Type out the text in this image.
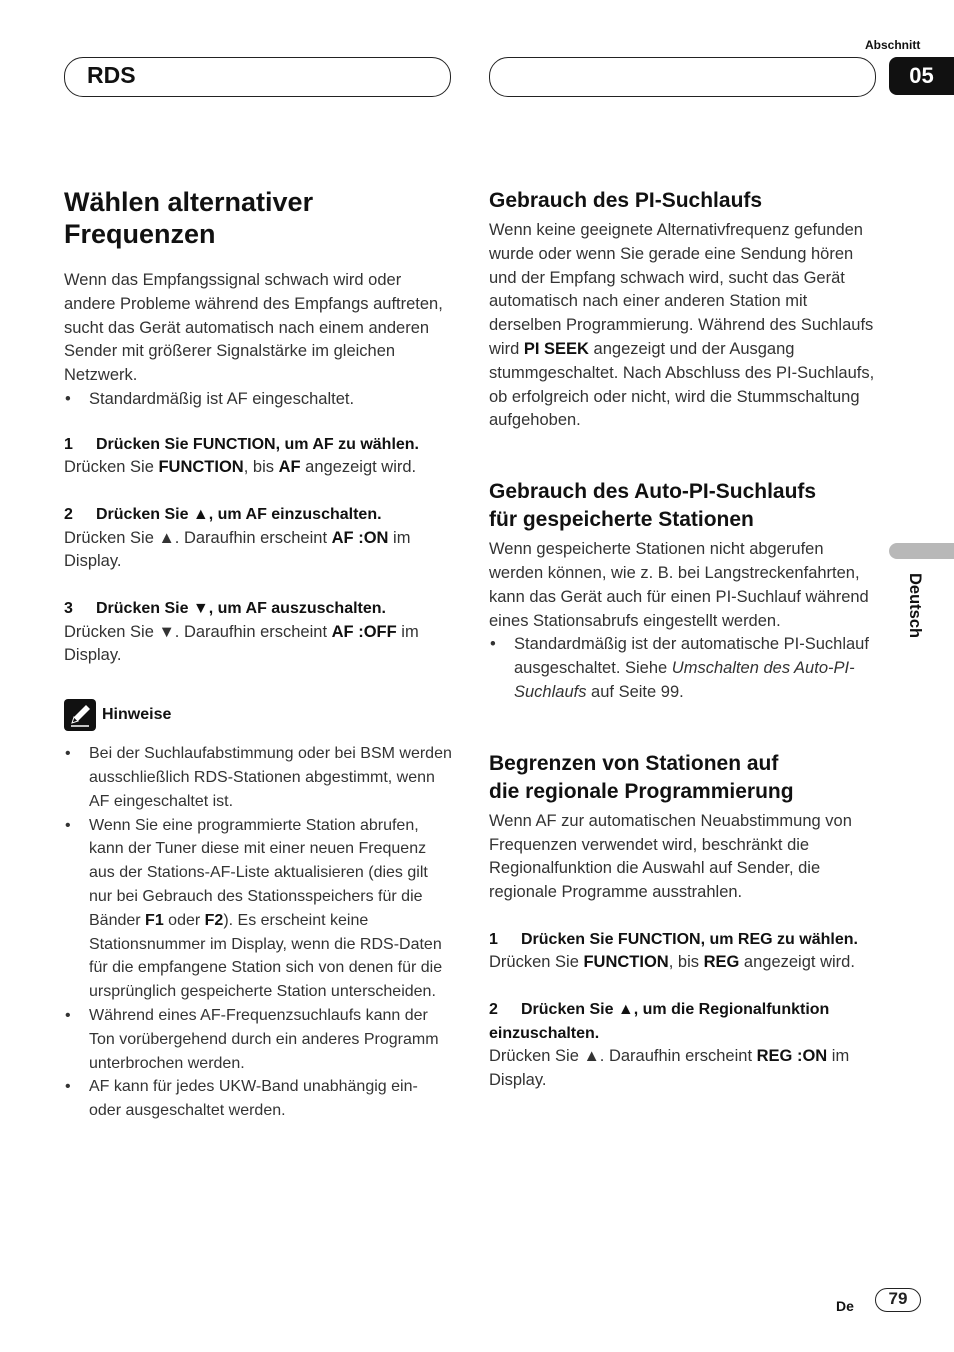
RDS
Abschnitt
05
Deutsch
Wählen alternativer
Frequenzen

Wenn das Empfangssignal schwach wird oder andere Probleme während des Empfangs auftreten, sucht das Gerät automatisch nach einem anderen Sender mit größerer Signalstärke im gleichen Netzwerk.

• Standardmäßig ist AF eingeschaltet.
1 Drücken Sie FUNCTION, um AF zu wählen.

Drücken Sie FUNCTION, bis AF angezeigt wird.

2 Drücken Sie ▲, um AF einzuschalten.

Drücken Sie ▲. Daraufhin erscheint AF :ON im Display.

3 Drücken Sie ▼, um AF auszuschalten.

Drücken Sie ▼. Daraufhin erscheint AF :OFF im Display.

Hinweise
• Bei der Suchlaufabstimmung oder bei BSM werden ausschließlich RDS-Stationen abgestimmt, wenn AF eingeschaltet ist.
• Wenn Sie eine programmierte Station abrufen, kann der Tuner diese mit einer neuen Frequenz aus der Stations-AF-Liste aktualisieren (dies gilt nur bei Gebrauch des Stationsspeichers für die Bänder F1 oder F2). Es erscheint keine Stationsnummer im Display, wenn die RDS-Daten für die empfangene Station sich von denen für die ursprünglich gespeicherte Station unterscheiden.
• Während eines AF-Frequenzsuchlaufs kann der Ton vorübergehend durch ein anderes Programm unterbrochen werden.
• AF kann für jedes UKW-Band unabhängig ein- oder ausgeschaltet werden.
Gebrauch des PI-Suchlaufs

Wenn keine geeignete Alternativfrequenz gefunden wurde oder wenn Sie gerade eine Sendung hören und der Empfang schwach wird, sucht das Gerät automatisch nach einer anderen Station mit derselben Programmierung. Während des Suchlaufs wird PI SEEK angezeigt und der Ausgang stummgeschaltet. Nach Abschluss des PI-Suchlaufs, ob erfolgreich oder nicht, wird die Stummschaltung aufgehoben.

Gebrauch des Auto-PI-Suchlaufs
für gespeicherte Stationen

Wenn gespeicherte Stationen nicht abgerufen werden können, wie z. B. bei Langstreckenfahrten, kann das Gerät auch für einen PI-Suchlauf während eines Stationsabrufs eingestellt werden.

• Standardmäßig ist der automatische PI-Suchlauf ausgeschaltet. Siehe Umschalten des Auto-PI-Suchlaufs auf Seite 99.
Begrenzen von Stationen auf
die regionale Programmierung

Wenn AF zur automatischen Neuabstimmung von Frequenzen verwendet wird, beschränkt die Regionalfunktion die Auswahl auf Sender, die regionale Programme ausstrahlen.

1 Drücken Sie FUNCTION, um REG zu wählen.

Drücken Sie FUNCTION, bis REG angezeigt wird.

2 Drücken Sie ▲, um die Regionalfunktion einzuschalten.

Drücken Sie ▲. Daraufhin erscheint REG :ON im Display.

De	79
